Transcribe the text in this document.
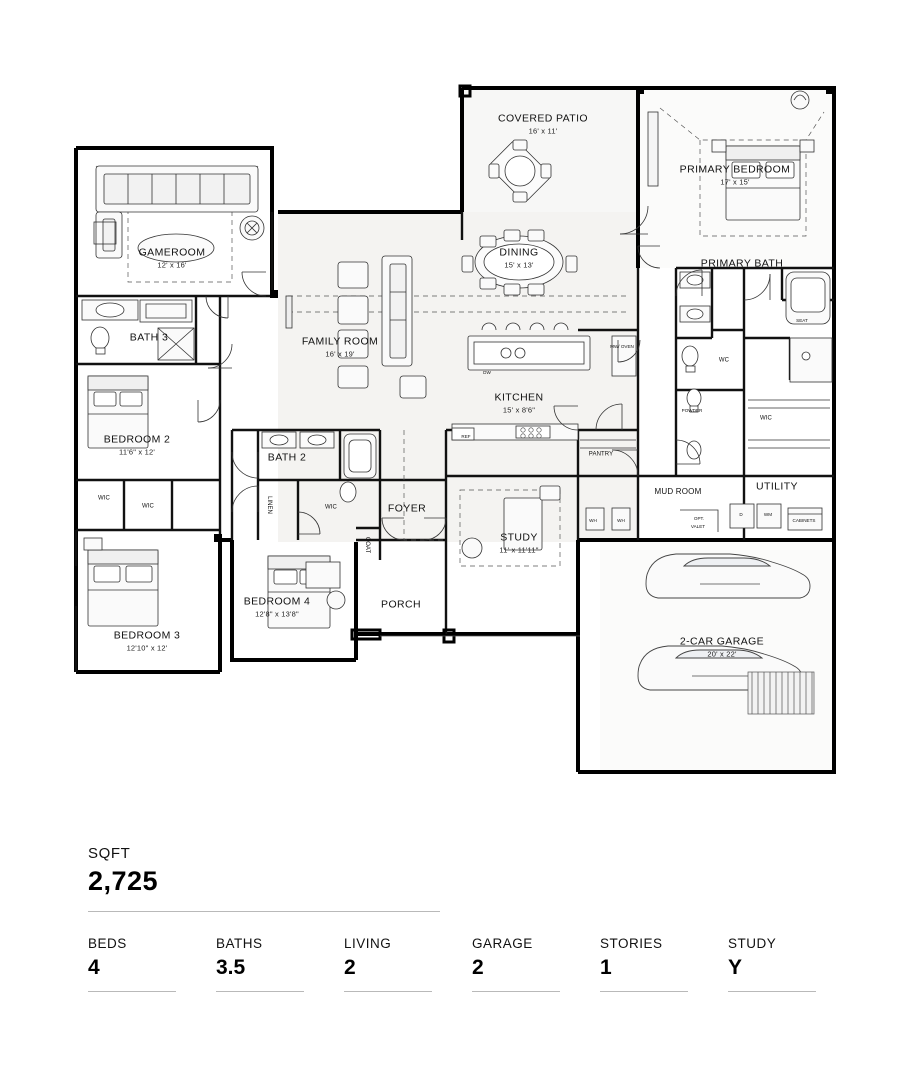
COVERED PATIO
16' x 11'
PRIMARY BEDROOM
17' x 15'
GAMEROOM
12' x 16'
DINING
15' x 13'	PRIMARY BATH
BATH 3	FAMILY ROOM
16' x 19'
KITCHEN
15' x 8'6"
BEDROOM 2
11'6" x 12'	BATH 2
MUD ROOM	UTILITY
FOYER
STUDY
11' x 11'11"
2-CAR GARAGE
20' x 22'
BEDROOM 4
12'8" x 13'8"
PORCH
BEDROOM 3
12'10" x 12'
PANTRY
WIC
WIC	WIC
WIC
WC
SEAT
POWDER
REF
DW
MW/ OVEN
WH	WH
VALET
OPT.
D	WM
CABINETS
COAT
LINEN
SQFT
2,725
BEDS
4
BATHS
3.5
LIVING
2
GARAGE
2
STORIES
1
STUDY
Y
